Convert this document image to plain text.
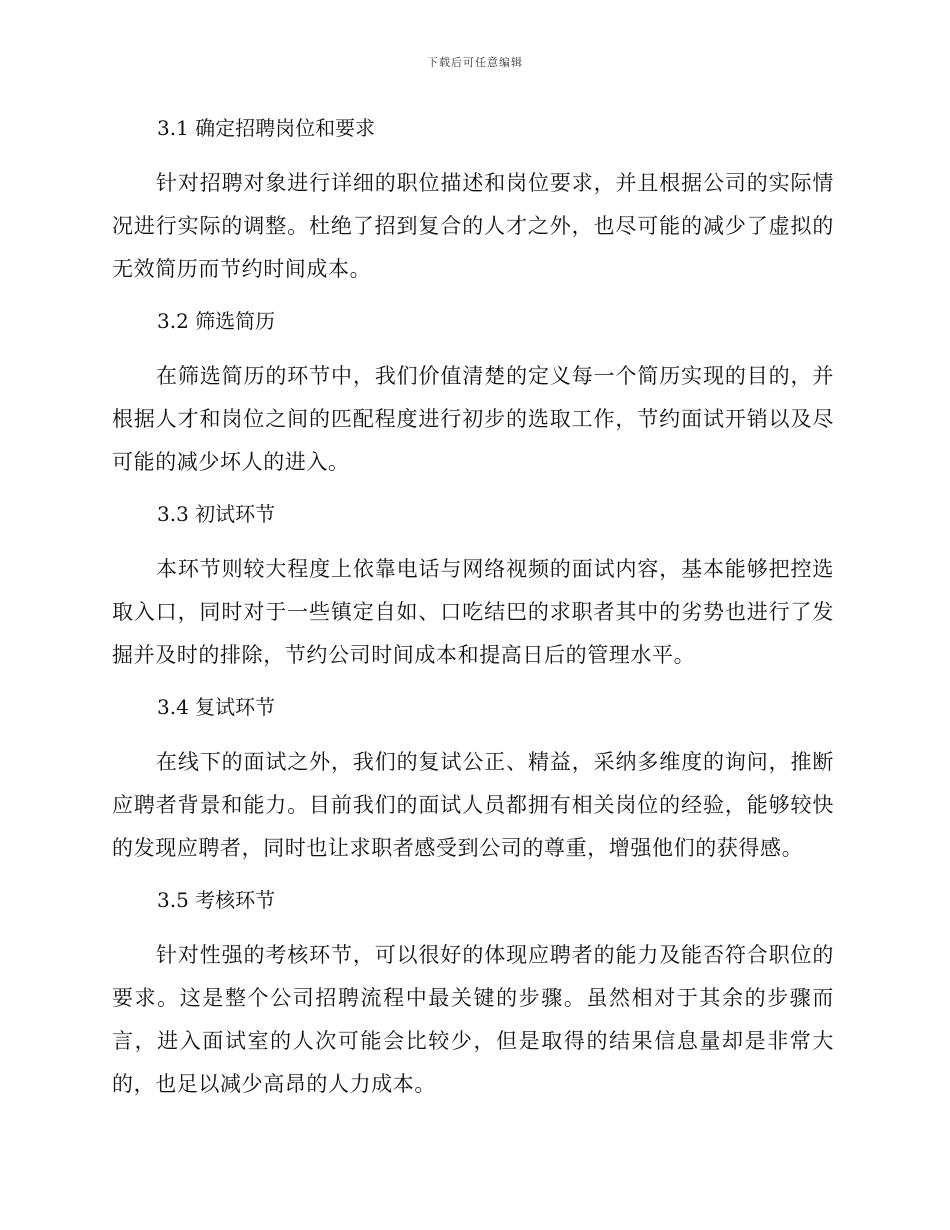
下载后可任意编辑
3.1 确定招聘岗位和要求

针对招聘对象进行详细的职位描述和岗位要求，并且根据公司的实际情况进行实际的调整。杜绝了招到复合的人才之外，也尽可能的减少了虚拟的无效简历而节约时间成本。

3.2 筛选简历

在筛选简历的环节中，我们价值清楚的定义每一个简历实现的目的，并根据人才和岗位之间的匹配程度进行初步的选取工作，节约面试开销以及尽可能的减少坏人的进入。

3.3 初试环节

本环节则较大程度上依靠电话与网络视频的面试内容，基本能够把控选取入口，同时对于一些镇定自如、口吃结巴的求职者其中的劣势也进行了发掘并及时的排除，节约公司时间成本和提高日后的管理水平。

3.4 复试环节

在线下的面试之外，我们的复试公正、精益，采纳多维度的询问，推断应聘者背景和能力。目前我们的面试人员都拥有相关岗位的经验，能够较快的发现应聘者，同时也让求职者感受到公司的尊重，增强他们的获得感。

3.5 考核环节

针对性强的考核环节，可以很好的体现应聘者的能力及能否符合职位的要求。这是整个公司招聘流程中最关键的步骤。虽然相对于其余的步骤而言，进入面试室的人次可能会比较少，但是取得的结果信息量却是非常大的，也足以减少高昂的人力成本。
